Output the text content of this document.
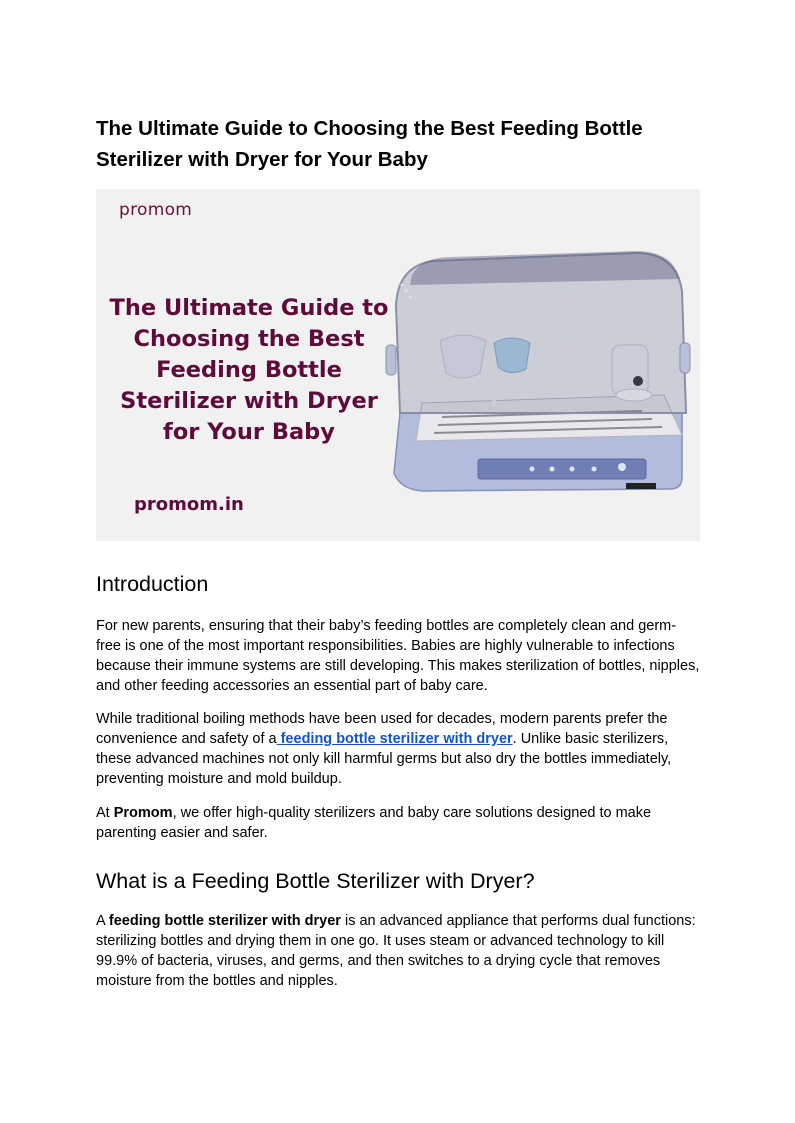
The Ultimate Guide to Choosing the Best Feeding Bottle Sterilizer with Dryer for Your Baby
promom
The Ultimate Guide to Choosing the Best Feeding Bottle Sterilizer with Dryer for Your Baby
promom.in
Introduction

For new parents, ensuring that their baby’s feeding bottles are completely clean and germ-free is one of the most important responsibilities. Babies are highly vulnerable to infections because their immune systems are still developing. This makes sterilization of bottles, nipples, and other feeding accessories an essential part of baby care.

While traditional boiling methods have been used for decades, modern parents prefer the convenience and safety of a feeding bottle sterilizer with dryer. Unlike basic sterilizers, these advanced machines not only kill harmful germs but also dry the bottles immediately, preventing moisture and mold buildup.

At Promom, we offer high-quality sterilizers and baby care solutions designed to make parenting easier and safer.

What is a Feeding Bottle Sterilizer with Dryer?

A feeding bottle sterilizer with dryer is an advanced appliance that performs dual functions: sterilizing bottles and drying them in one go. It uses steam or advanced technology to kill 99.9% of bacteria, viruses, and germs, and then switches to a drying cycle that removes moisture from the bottles and nipples.
